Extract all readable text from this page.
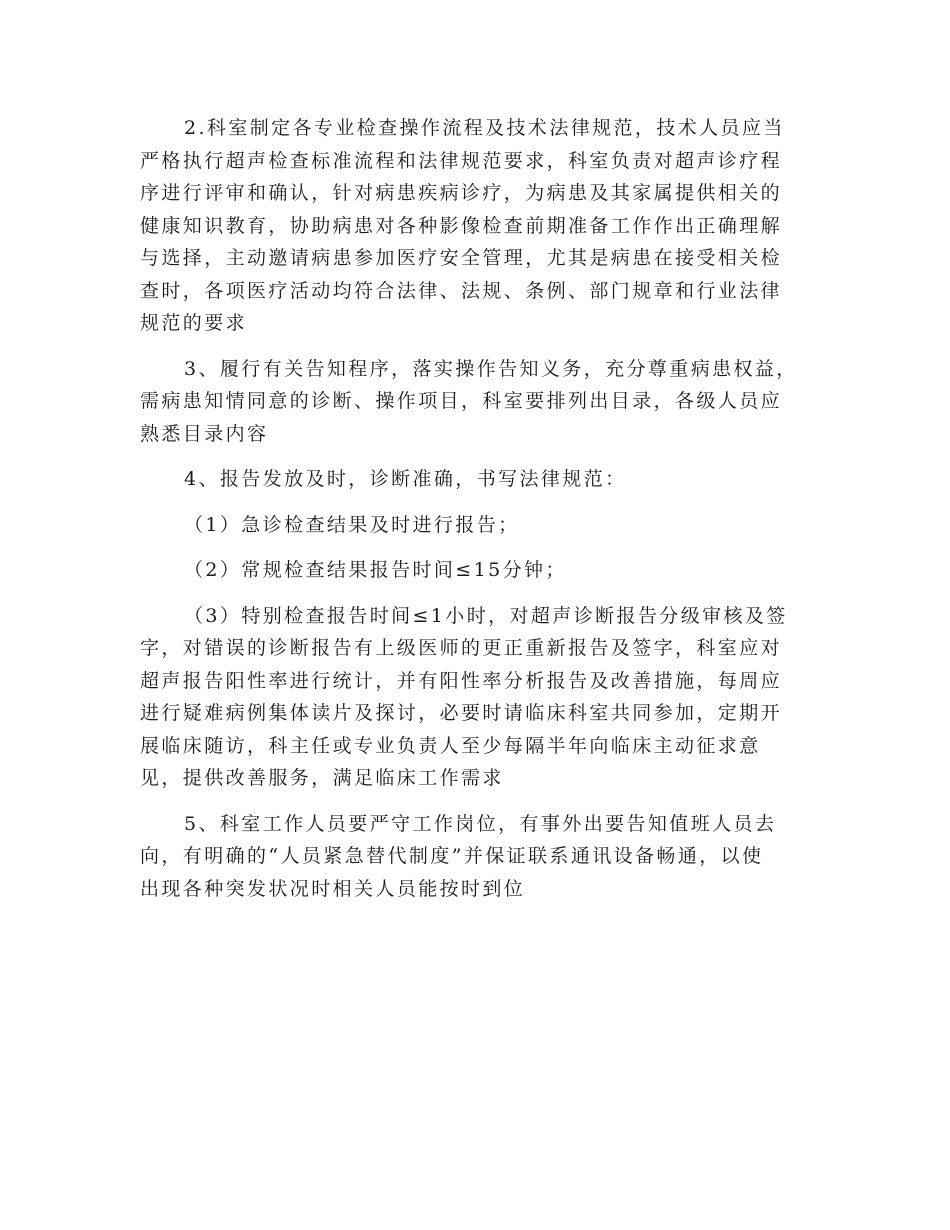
2.科室制定各专业检查操作流程及技术法律规范，技术人员应当
严格执行超声检查标准流程和法律规范要求，科室负责对超声诊疗程
序进行评审和确认，针对病患疾病诊疗，为病患及其家属提供相关的
健康知识教育，协助病患对各种影像检查前期准备工作作出正确理解
与选择，主动邀请病患参加医疗安全管理，尤其是病患在接受相关检
查时，各项医疗活动均符合法律、法规、条例、部门规章和行业法律
规范的要求

3、履行有关告知程序，落实操作告知义务，充分尊重病患权益，
需病患知情同意的诊断、操作项目，科室要排列出目录，各级人员应
熟悉目录内容

4、报告发放及时，诊断准确，书写法律规范：

（1）急诊检查结果及时进行报告；

（2）常规检查结果报告时间≤15分钟；

（3）特别检查报告时间≤1小时，对超声诊断报告分级审核及签
字，对错误的诊断报告有上级医师的更正重新报告及签字，科室应对
超声报告阳性率进行统计，并有阳性率分析报告及改善措施，每周应
进行疑难病例集体读片及探讨，必要时请临床科室共同参加，定期开
展临床随访，科主任或专业负责人至少每隔半年向临床主动征求意
见，提供改善服务，满足临床工作需求

5、科室工作人员要严守工作岗位，有事外出要告知值班人员去
向，有明确的“人员紧急替代制度”并保证联系通讯设备畅通，以使
出现各种突发状况时相关人员能按时到位
